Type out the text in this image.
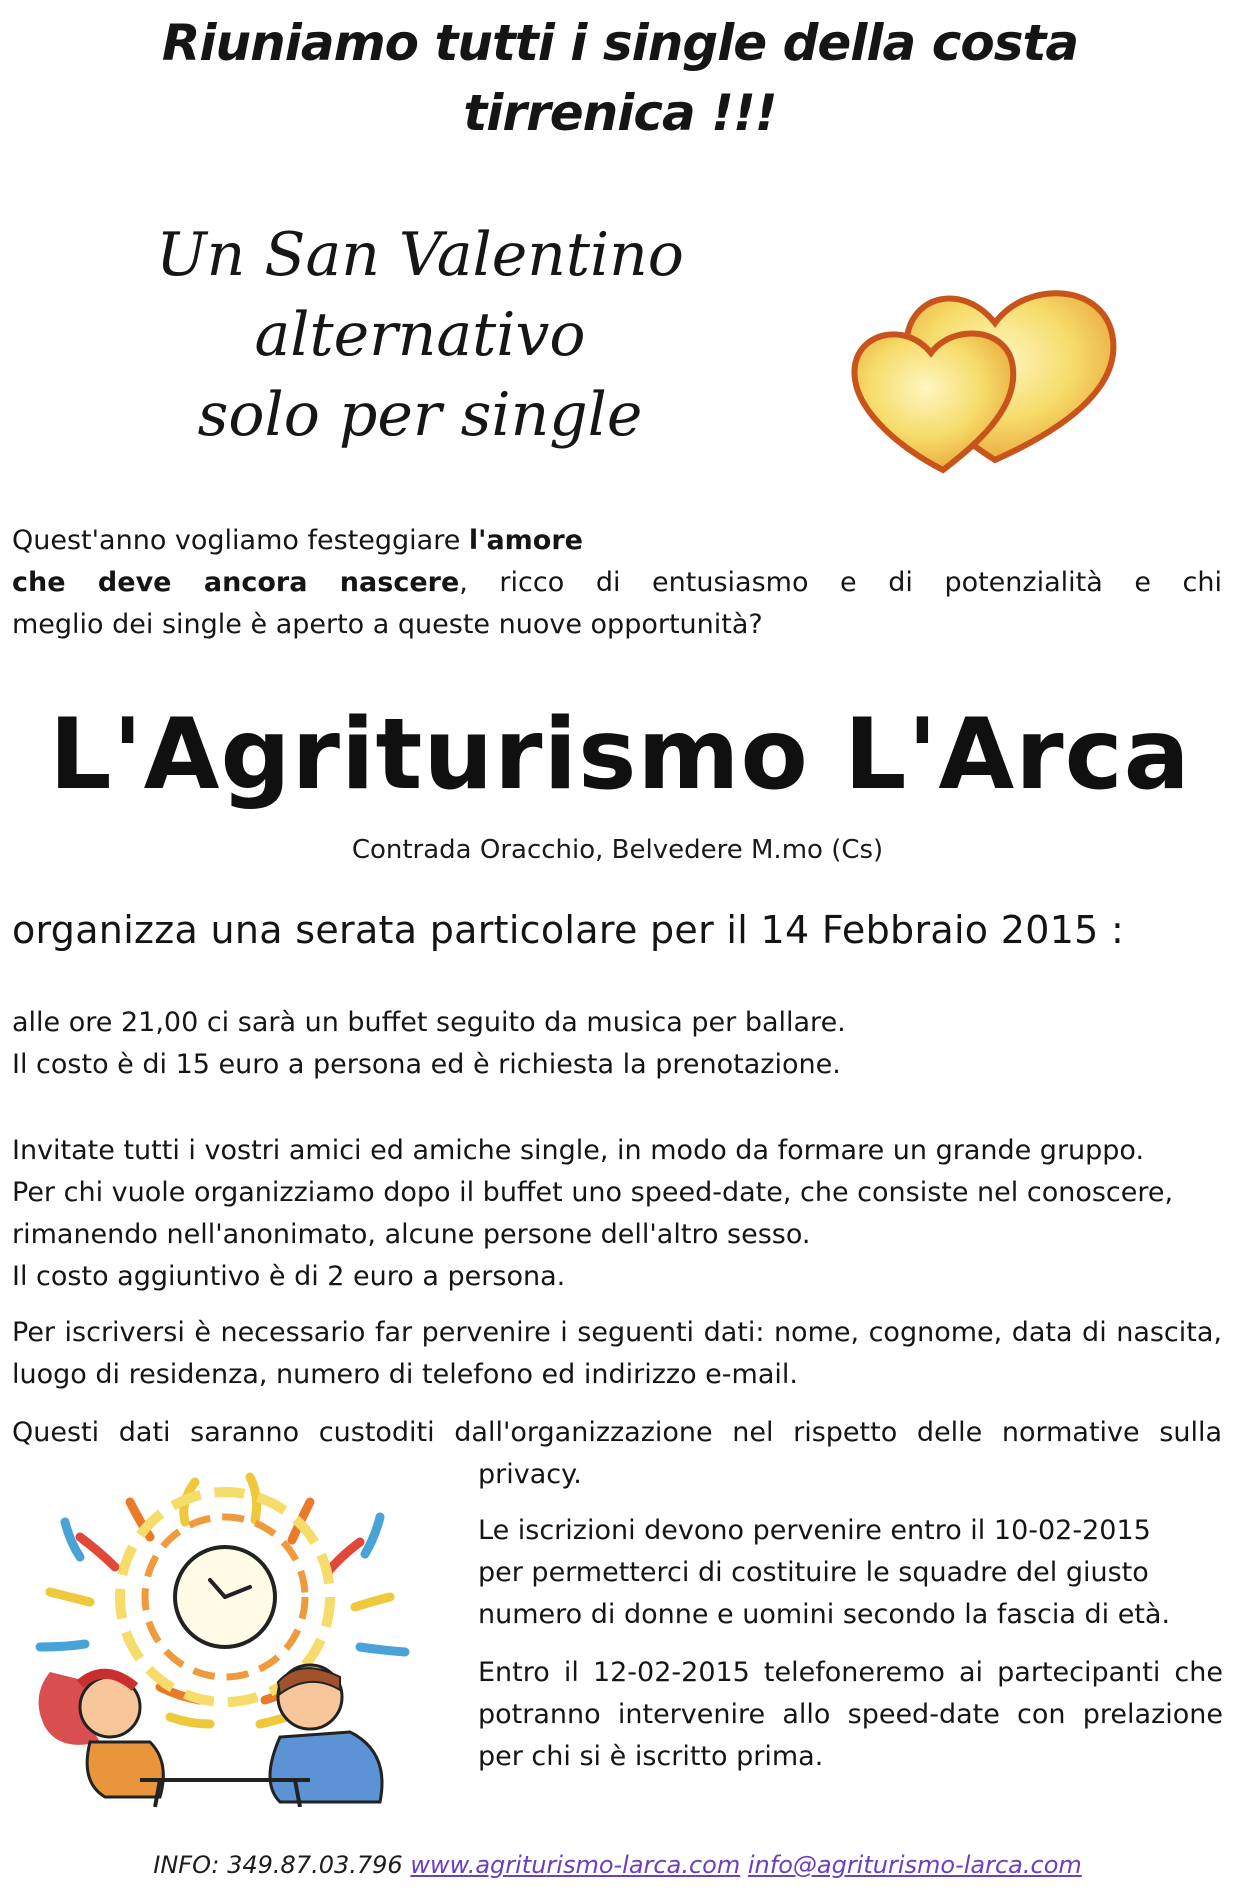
Riuniamo tutti i single della costa
tirrenica !!!
Un San Valentino
alternativo
solo per single
Quest'anno vogliamo festeggiare l'amore
che deve ancora nascere, ricco di entusiasmo e di potenzialità e chi
meglio dei single è aperto a queste nuove opportunità?
L'Agriturismo L'Arca
Contrada Oracchio, Belvedere M.mo (Cs)
organizza una serata particolare per il 14 Febbraio 2015 :
alle ore 21,00 ci sarà un buffet seguito da musica per ballare.
Il costo è di 15 euro a persona ed è richiesta la prenotazione.
Invitate tutti i vostri amici ed amiche single, in modo da formare un grande gruppo.
Per chi vuole organizziamo dopo il buffet uno speed-date, che consiste nel conoscere,
rimanendo nell'anonimato, alcune persone dell'altro sesso.
Il costo aggiuntivo è di 2 euro a persona.
Per iscriversi è necessario far pervenire i seguenti dati: nome, cognome, data di nascita, luogo di residenza, numero di telefono ed indirizzo e-mail.
Questi dati saranno custoditi dall'organizzazione nel rispetto delle normative sulla
privacy.
Le iscrizioni devono pervenire entro il 10-02-2015
per permetterci di costituire le squadre del giusto
numero di donne e uomini secondo la fascia di età.
Entro il 12-02-2015 telefoneremo ai partecipanti che
potranno intervenire allo speed-date con prelazione
per chi si è iscritto prima.
INFO: 349.87.03.796 www.agriturismo-larca.com info@agriturismo-larca.com
